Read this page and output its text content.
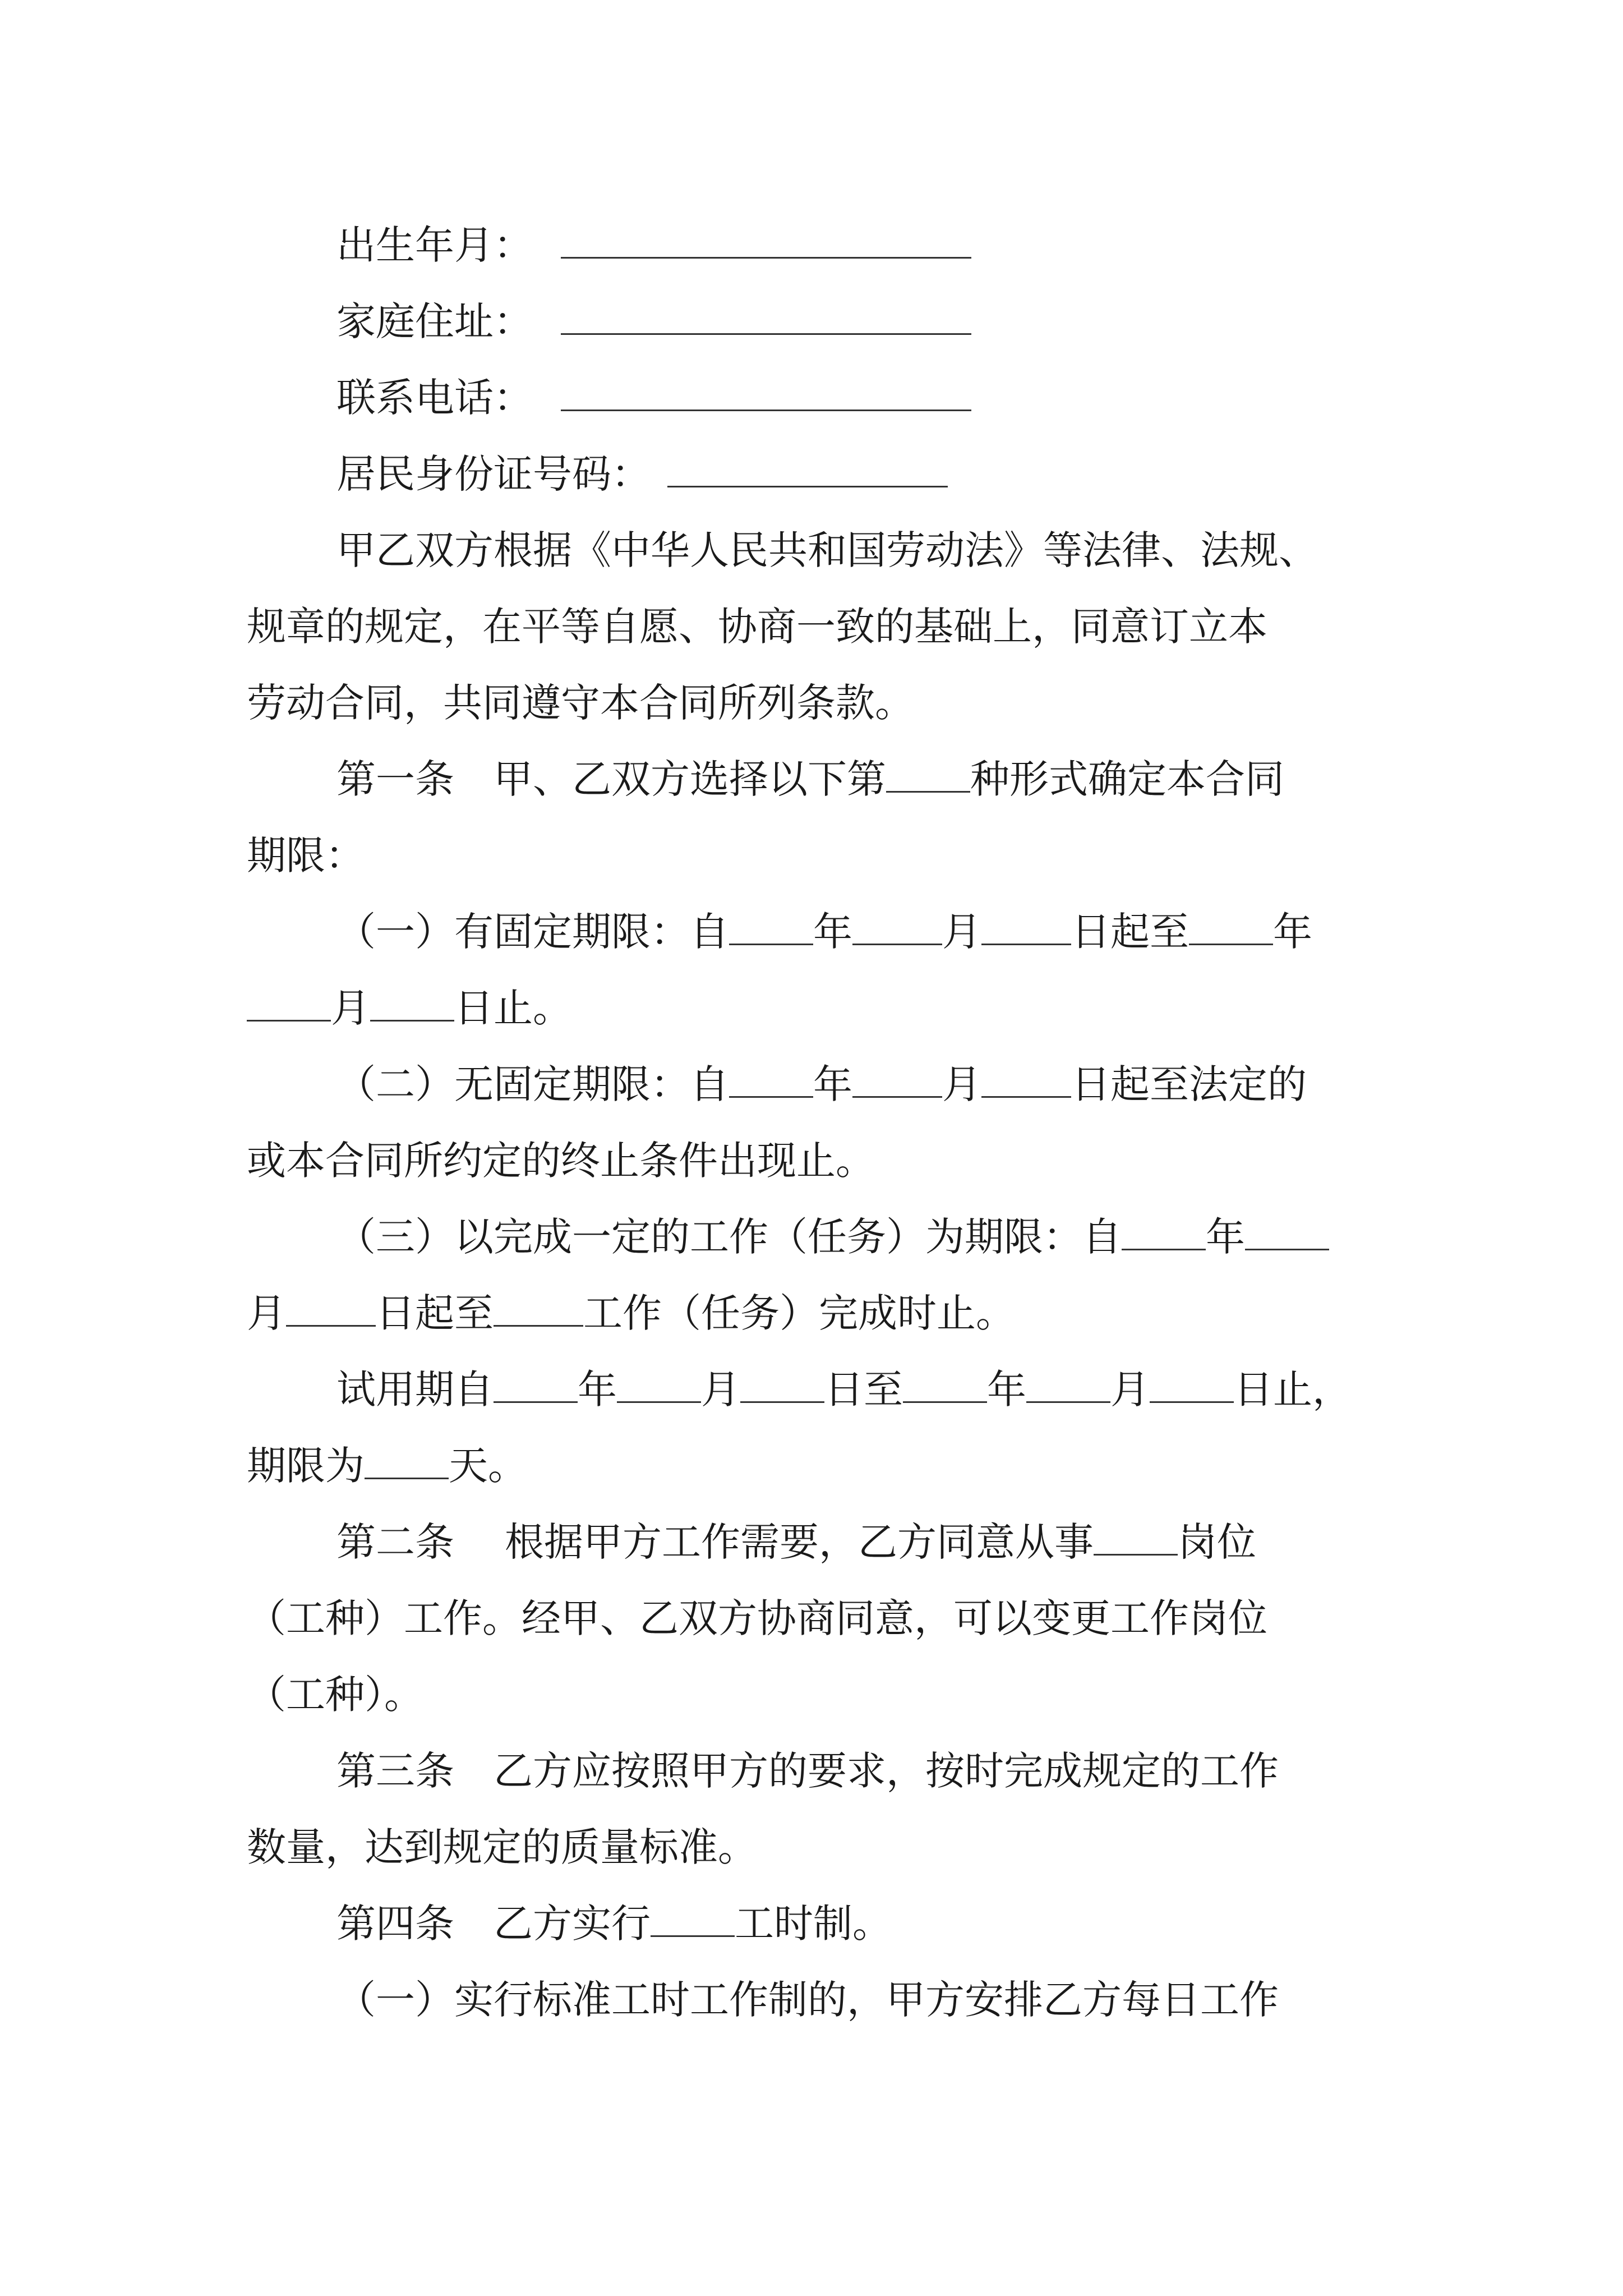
出生年月：
家庭住址：
联系电话：
居民身份证号码：
甲乙双方根据《中华人民共和国劳动法》等法律、法规、
规章的规定，在平等自愿、协商一致的基础上，同意订立本
劳动合同，共同遵守本合同所列条款。
第一条 甲、乙双方选择以下第 种形式确定本合同
期限：
（一）有固定期限：自 年 月 日起至 年
月 日止。
（二）无固定期限：自 年 月 日起至法定的
或本合同所约定的终止条件出现止。
（三）以完成一定的工作（任务）为期限：自 年
月 日起至 工作（任务）完成时止。
试用期自 年 月 日至 年 月 日止，
期限为 天。
第二条 根据甲方工作需要，乙方同意从事 岗位
（工种）工作。经甲、乙双方协商同意，可以变更工作岗位
（工种）。
第三条 乙方应按照甲方的要求，按时完成规定的工作
数量，达到规定的质量标准。
第四条 乙方实行 工时制。
（一）实行标准工时工作制的，甲方安排乙方每日工作
